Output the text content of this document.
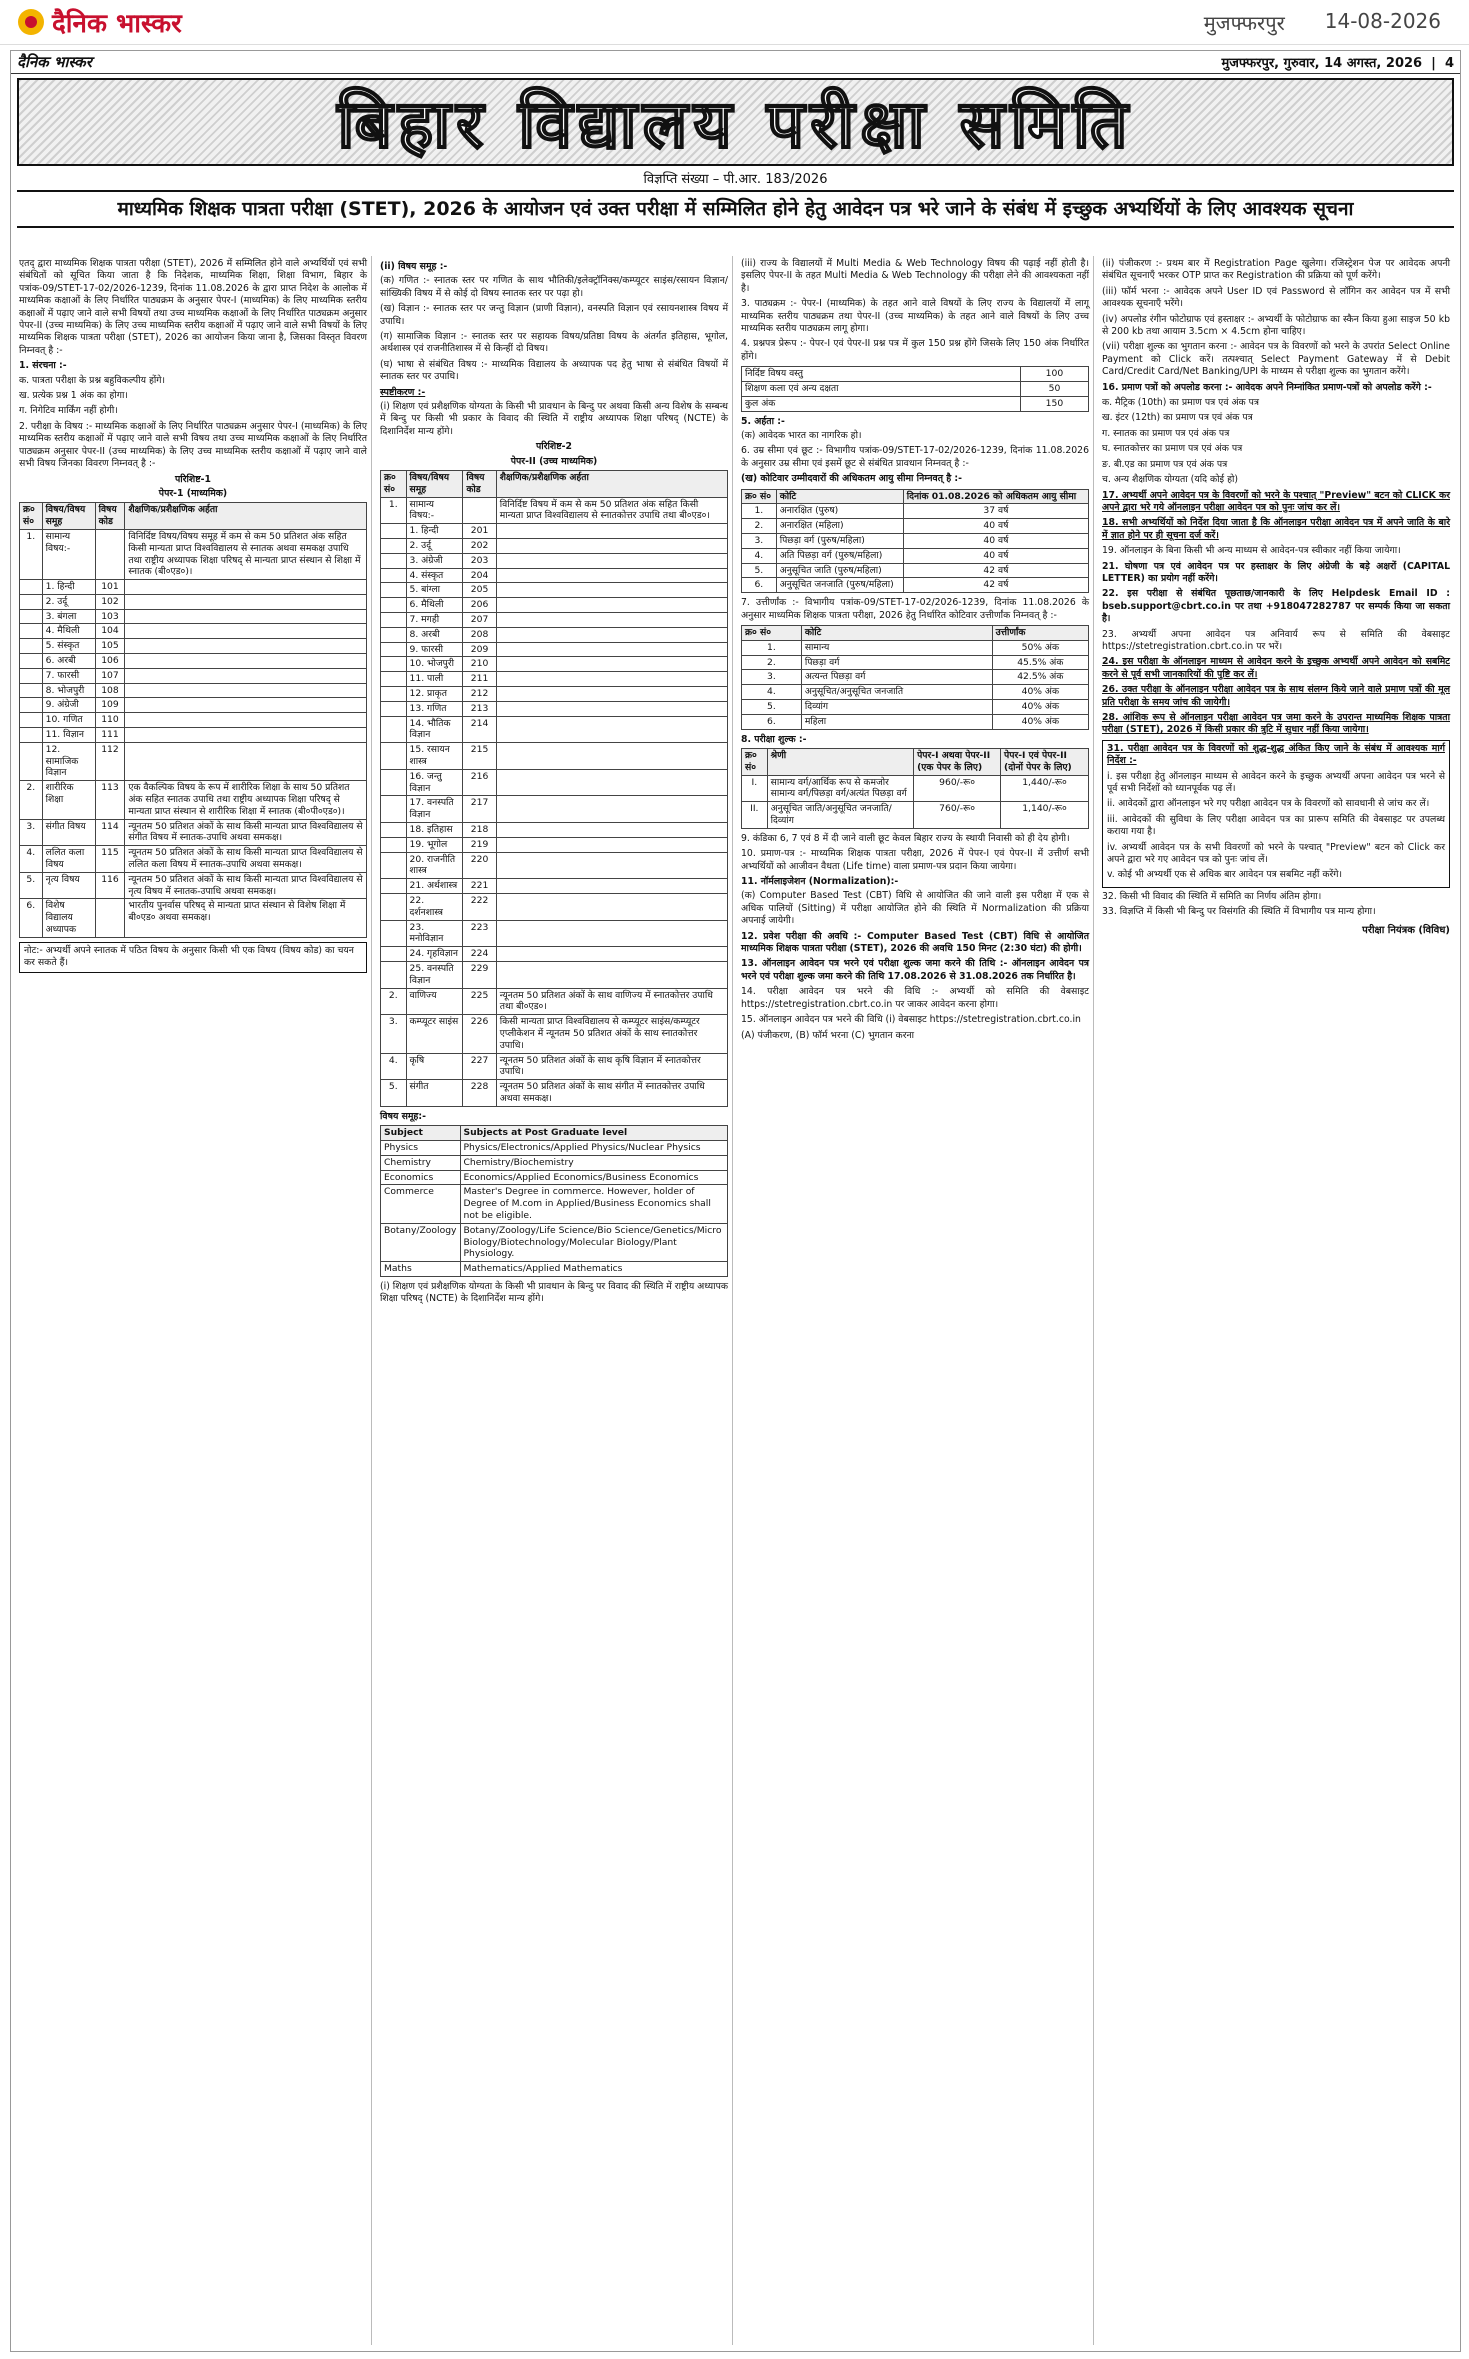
दैनिक भास्कर	मुजफ्फरपुर 14-08-2026
दैनिक भास्कर	मुजफ्फरपुर, गुरुवार, 14 अगस्त, 2026  |  4
बिहार विद्यालय परीक्षा समिति
विज्ञप्ति संख्या – पी.आर. 183/2026
माध्यमिक शिक्षक पात्रता परीक्षा (STET), 2026 के आयोजन एवं उक्त परीक्षा में सम्मिलित होने हेतु आवेदन पत्र भरे जाने के संबंध में इच्छुक अभ्यर्थियों के लिए आवश्यक सूचना

एतद् द्वारा माध्यमिक शिक्षक पात्रता परीक्षा (STET), 2026 में सम्मिलित होने वाले अभ्यर्थियों एवं सभी संबंधितों को सूचित किया जाता है कि निदेशक, माध्यमिक शिक्षा, शिक्षा विभाग, बिहार के पत्रांक-09/STET-17-02/2026-1239, दिनांक 11.08.2026 के द्वारा प्राप्त निदेश के आलोक में माध्यमिक कक्षाओं के लिए निर्धारित पाठ्यक्रम के अनुसार पेपर-I (माध्यमिक) के लिए माध्यमिक स्तरीय कक्षाओं में पढ़ाए जाने वाले सभी विषयों तथा उच्च माध्यमिक कक्षाओं के लिए निर्धारित पाठ्यक्रम अनुसार पेपर-II (उच्च माध्यमिक) के लिए उच्च माध्यमिक स्तरीय कक्षाओं में पढ़ाए जाने वाले सभी विषयों के लिए माध्यमिक शिक्षक पात्रता परीक्षा (STET), 2026 का आयोजन किया जाना है, जिसका विस्तृत विवरण निम्नवत् है :-

1. संरचना :-

क. पात्रता परीक्षा के प्रश्न बहुविकल्पीय होंगे।

ख. प्रत्येक प्रश्न 1 अंक का होगा।

ग. निगेटिव मार्किंग नहीं होगी।

2. परीक्षा के विषय :- माध्यमिक कक्षाओं के लिए निर्धारित पाठ्यक्रम अनुसार पेपर-I (माध्यमिक) के लिए माध्यमिक स्तरीय कक्षाओं में पढ़ाए जाने वाले सभी विषय तथा उच्च माध्यमिक कक्षाओं के लिए निर्धारित पाठ्यक्रम अनुसार पेपर-II (उच्च माध्यमिक) के लिए उच्च माध्यमिक स्तरीय कक्षाओं में पढ़ाए जाने वाले सभी विषय जिनका विवरण निम्नवत् है :-

परिशिष्ट-1
पेपर-1 (माध्यमिक)
क्र० सं०	विषय/विषय समूह	विषय कोड	शैक्षणिक/प्रशैक्षणिक अर्हता
1.	सामान्य विषय:-		विनिर्दिष्ट विषय/विषय समूह में कम से कम 50 प्रतिशत अंक सहित किसी मान्यता प्राप्त विश्वविद्यालय से स्नातक अथवा समकक्ष उपाधि तथा राष्ट्रीय अध्यापक शिक्षा परिषद् से मान्यता प्राप्त संस्थान से शिक्षा में स्नातक (बी०एड०)।
	1. हिन्दी	101	
	2. उर्दू	102	
	3. बंगला	103	
	4. मैथिली	104	
	5. संस्कृत	105	
	6. अरबी	106	
	7. फारसी	107	
	8. भोजपुरी	108	
	9. अंग्रेजी	109	
	10. गणित	110	
	11. विज्ञान	111	
	12. सामाजिक विज्ञान	112	
2.	शारीरिक शिक्षा	113	एक वैकल्पिक विषय के रूप में शारीरिक शिक्षा के साथ 50 प्रतिशत अंक सहित स्नातक उपाधि तथा राष्ट्रीय अध्यापक शिक्षा परिषद् से मान्यता प्राप्त संस्थान से शारीरिक शिक्षा में स्नातक (बी०पी०एड०)।
3.	संगीत विषय	114	न्यूनतम 50 प्रतिशत अंकों के साथ किसी मान्यता प्राप्त विश्वविद्यालय से संगीत विषय में स्नातक-उपाधि अथवा समकक्ष।
4.	ललित कला विषय	115	न्यूनतम 50 प्रतिशत अंकों के साथ किसी मान्यता प्राप्त विश्वविद्यालय से ललित कला विषय में स्नातक-उपाधि अथवा समकक्ष।
5.	नृत्य विषय	116	न्यूनतम 50 प्रतिशत अंकों के साथ किसी मान्यता प्राप्त विश्वविद्यालय से नृत्य विषय में स्नातक-उपाधि अथवा समकक्ष।
6.	विशेष विद्यालय अध्यापक		भारतीय पुनर्वास परिषद् से मान्यता प्राप्त संस्थान से विशेष शिक्षा में बी०एड० अथवा समकक्ष।
नोट:- अभ्यर्थी अपने स्नातक में पठित विषय के अनुसार किसी भी एक विषय (विषय कोड) का चयन कर सकते हैं।
(ii) विषय समूह :-

(क) गणित :- स्नातक स्तर पर गणित के साथ भौतिकी/इलेक्ट्रॉनिक्स/कम्प्यूटर साइंस/रसायन विज्ञान/सांख्यिकी विषय में से कोई दो विषय स्नातक स्तर पर पढ़ा हो।

(ख) विज्ञान :- स्नातक स्तर पर जन्तु विज्ञान (प्राणी विज्ञान), वनस्पति विज्ञान एवं रसायनशास्त्र विषय में उपाधि।

(ग) सामाजिक विज्ञान :- स्नातक स्तर पर सहायक विषय/प्रतिष्ठा विषय के अंतर्गत इतिहास, भूगोल, अर्थशास्त्र एवं राजनीतिशास्त्र में से किन्हीं दो विषय।

(घ) भाषा से संबंधित विषय :- माध्यमिक विद्यालय के अध्यापक पद हेतु भाषा से संबंधित विषयों में स्नातक स्तर पर उपाधि।

स्पष्टीकरण :-

(i) शिक्षण एवं प्रशैक्षणिक योग्यता के किसी भी प्रावधान के बिन्दु पर अथवा किसी अन्य विशेष के सम्बन्ध में बिन्दु पर किसी भी प्रकार के विवाद की स्थिति में राष्ट्रीय अध्यापक शिक्षा परिषद् (NCTE) के दिशानिर्देश मान्य होंगे।

परिशिष्ट-2
पेपर-II (उच्च माध्यमिक)
क्र० सं०	विषय/विषय समूह	विषय कोड	शैक्षणिक/प्रशैक्षणिक अर्हता
1.	सामान्य विषय:-		विनिर्दिष्ट विषय में कम से कम 50 प्रतिशत अंक सहित किसी मान्यता प्राप्त विश्वविद्यालय से स्नातकोत्तर उपाधि तथा बी०एड०।
	1. हिन्दी	201	
	2. उर्दू	202	
	3. अंग्रेजी	203	
	4. संस्कृत	204	
	5. बांग्ला	205	
	6. मैथिली	206	
	7. मगही	207	
	8. अरबी	208	
	9. फारसी	209	
	10. भोजपुरी	210	
	11. पाली	211	
	12. प्राकृत	212	
	13. गणित	213	
	14. भौतिक विज्ञान	214	
	15. रसायन शास्त्र	215	
	16. जन्तु विज्ञान	216	
	17. वनस्पति विज्ञान	217	
	18. इतिहास	218	
	19. भूगोल	219	
	20. राजनीति शास्त्र	220	
	21. अर्थशास्त्र	221	
	22. दर्शनशास्त्र	222	
	23. मनोविज्ञान	223	
	24. गृहविज्ञान	224	
	25. वनस्पति विज्ञान	229	
2.	वाणिज्य	225	न्यूनतम 50 प्रतिशत अंकों के साथ वाणिज्य में स्नातकोत्तर उपाधि तथा बी०एड०।
3.	कम्प्यूटर साइंस	226	किसी मान्यता प्राप्त विश्वविद्यालय से कम्प्यूटर साइंस/कम्प्यूटर एप्लीकेशन में न्यूनतम 50 प्रतिशत अंकों के साथ स्नातकोत्तर उपाधि।
4.	कृषि	227	न्यूनतम 50 प्रतिशत अंकों के साथ कृषि विज्ञान में स्नातकोत्तर उपाधि।
5.	संगीत	228	न्यूनतम 50 प्रतिशत अंकों के साथ संगीत में स्नातकोत्तर उपाधि अथवा समकक्ष।
विषय समूह:-
Subject	Subjects at Post Graduate level
Physics	Physics/Electronics/Applied Physics/Nuclear Physics
Chemistry	Chemistry/Biochemistry
Economics	Economics/Applied Economics/Business Economics
Commerce	Master's Degree in commerce. However, holder of Degree of M.com in Applied/Business Economics shall not be eligible.
Botany/Zoology	Botany/Zoology/Life Science/Bio Science/Genetics/Micro Biology/Biotechnology/Molecular Biology/Plant Physiology.
Maths	Mathematics/Applied Mathematics

(i) शिक्षण एवं प्रशैक्षणिक योग्यता के किसी भी प्रावधान के बिन्दु पर विवाद की स्थिति में राष्ट्रीय अध्यापक शिक्षा परिषद् (NCTE) के दिशानिर्देश मान्य होंगे।

(iii) राज्य के विद्यालयों में Multi Media & Web Technology विषय की पढ़ाई नहीं होती है। इसलिए पेपर-II के तहत Multi Media & Web Technology की परीक्षा लेने की आवश्यकता नहीं है।

3. पाठ्यक्रम :- पेपर-I (माध्यमिक) के तहत आने वाले विषयों के लिए राज्य के विद्यालयों में लागू माध्यमिक स्तरीय पाठ्यक्रम तथा पेपर-II (उच्च माध्यमिक) के तहत आने वाले विषयों के लिए उच्च माध्यमिक स्तरीय पाठ्यक्रम लागू होगा।

4. प्रश्नपत्र प्रेरूप :- पेपर-I एवं पेपर-II प्रश्न पत्र में कुल 150 प्रश्न होंगे जिसके लिए 150 अंक निर्धारित होंगे।

निर्दिष्ट विषय वस्तु	100
शिक्षण कला एवं अन्य दक्षता	50
कुल अंक	150
5. अर्हता :-

(क) आवेदक भारत का नागरिक हो।

6. उम्र सीमा एवं छूट :- विभागीय पत्रांक-09/STET-17-02/2026-1239, दिनांक 11.08.2026 के अनुसार उम्र सीमा एवं इसमें छूट से संबंधित प्रावधान निम्नवत् है :-

(ख) कोटिवार उम्मीदवारों की अधिकतम आयु सीमा निम्नवत् है :-

क्र० सं०	कोटि	दिनांक 01.08.2026 को अधिकतम आयु सीमा
1.	अनारक्षित (पुरुष)	37 वर्ष
2.	अनारक्षित (महिला)	40 वर्ष
3.	पिछड़ा वर्ग (पुरुष/महिला)	40 वर्ष
4.	अति पिछड़ा वर्ग (पुरुष/महिला)	40 वर्ष
5.	अनुसूचित जाति (पुरुष/महिला)	42 वर्ष
6.	अनुसूचित जनजाति (पुरुष/महिला)	42 वर्ष

7. उत्तीर्णांक :- विभागीय पत्रांक-09/STET-17-02/2026-1239, दिनांक 11.08.2026 के अनुसार माध्यमिक शिक्षक पात्रता परीक्षा, 2026 हेतु निर्धारित कोटिवार उत्तीर्णांक निम्नवत् है :-

क्र० सं०	कोटि	उत्तीर्णांक
1.	सामान्य	50% अंक
2.	पिछड़ा वर्ग	45.5% अंक
3.	अत्यन्त पिछड़ा वर्ग	42.5% अंक
4.	अनुसूचित/अनुसूचित जनजाति	40% अंक
5.	दिव्यांग	40% अंक
6.	महिला	40% अंक
8. परीक्षा शुल्क :-
क्र० सं०	श्रेणी	पेपर-I अथवा पेपर-II (एक पेपर के लिए)	पेपर-I एवं पेपर-II (दोनों पेपर के लिए)
I.	सामान्य वर्ग/आर्थिक रूप से कमजोर सामान्य वर्ग/पिछड़ा वर्ग/अत्यंत पिछड़ा वर्ग	960/-रू०	1,440/-रू०
II.	अनुसूचित जाति/अनुसूचित जनजाति/दिव्यांग	760/-रू०	1,140/-रू०

9. कंडिका 6, 7 एवं 8 में दी जाने वाली छूट केवल बिहार राज्य के स्थायी निवासी को ही देय होगी।

10. प्रमाण-पत्र :- माध्यमिक शिक्षक पात्रता परीक्षा, 2026 में पेपर-I एवं पेपर-II में उत्तीर्ण सभी अभ्यर्थियों को आजीवन वैधता (Life time) वाला प्रमाण-पत्र प्रदान किया जायेगा।

11. नॉर्मलाइजेशन (Normalization):-

(क) Computer Based Test (CBT) विधि से आयोजित की जाने वाली इस परीक्षा में एक से अधिक पालियों (Sitting) में परीक्षा आयोजित होने की स्थिति में Normalization की प्रक्रिया अपनाई जायेगी।

12. प्रवेश परीक्षा की अवधि :- Computer Based Test (CBT) विधि से आयोजित माध्यमिक शिक्षक पात्रता परीक्षा (STET), 2026 की अवधि 150 मिनट (2:30 घंटा) की होगी।

13. ऑनलाइन आवेदन पत्र भरने एवं परीक्षा शुल्क जमा करने की तिथि :- ऑनलाइन आवेदन पत्र भरने एवं परीक्षा शुल्क जमा करने की तिथि 17.08.2026 से 31.08.2026 तक निर्धारित है।

14. परीक्षा आवेदन पत्र भरने की विधि :- अभ्यर्थी को समिति की वेबसाइट https://stetregistration.cbrt.co.in पर जाकर आवेदन करना होगा।

15. ऑनलाइन आवेदन पत्र भरने की विधि (i) वेबसाइट https://stetregistration.cbrt.co.in

(A) पंजीकरण, (B) फॉर्म भरना (C) भुगतान करना

(ii) पंजीकरण :- प्रथम बार में Registration Page खुलेगा। रजिस्ट्रेशन पेज पर आवेदक अपनी संबंधित सूचनाएँ भरकर OTP प्राप्त कर Registration की प्रक्रिया को पूर्ण करेंगे।

(iii) फॉर्म भरना :- आवेदक अपने User ID एवं Password से लॉगिन कर आवेदन पत्र में सभी आवश्यक सूचनाएँ भरेंगे।

(iv) अपलोड रंगीन फोटोग्राफ एवं हस्ताक्षर :- अभ्यर्थी के फोटोग्राफ का स्कैन किया हुआ साइज 50 kb से 200 kb तथा आयाम 3.5cm × 4.5cm होना चाहिए।

(vii) परीक्षा शुल्क का भुगतान करना :- आवेदन पत्र के विवरणों को भरने के उपरांत Select Online Payment को Click करें। तत्पश्चात् Select Payment Gateway में से Debit Card/Credit Card/Net Banking/UPI के माध्यम से परीक्षा शुल्क का भुगतान करेंगे।

16. प्रमाण पत्रों को अपलोड करना :- आवेदक अपने निम्नांकित प्रमाण-पत्रों को अपलोड करेंगे :-

क. मैट्रिक (10th) का प्रमाण पत्र एवं अंक पत्र

ख. इंटर (12th) का प्रमाण पत्र एवं अंक पत्र

ग. स्नातक का प्रमाण पत्र एवं अंक पत्र

घ. स्नातकोत्तर का प्रमाण पत्र एवं अंक पत्र

ङ. बी.एड का प्रमाण पत्र एवं अंक पत्र

च. अन्य शैक्षणिक योग्यता (यदि कोई हो)

17. अभ्यर्थी अपने आवेदन पत्र के विवरणों को भरने के पश्चात् "Preview" बटन को CLICK कर अपने द्वारा भरे गये ऑनलाइन परीक्षा आवेदन पत्र को पुनः जांच कर लें।

18. सभी अभ्यर्थियों को निर्देश दिया जाता है कि ऑनलाइन परीक्षा आवेदन पत्र में अपने जाति के बारे में ज्ञात होने पर ही सूचना दर्ज करें।

19. ऑनलाइन के बिना किसी भी अन्य माध्यम से आवेदन-पत्र स्वीकार नहीं किया जायेगा।

21. घोषणा पत्र एवं आवेदन पत्र पर हस्ताक्षर के लिए अंग्रेजी के बड़े अक्षरों (CAPITAL LETTER) का प्रयोग नहीं करेंगे।

22. इस परीक्षा से संबंधित पूछताछ/जानकारी के लिए Helpdesk Email ID : bseb.support@cbrt.co.in पर तथा +918047282787 पर सम्पर्क किया जा सकता है।

23. अभ्यर्थी अपना आवेदन पत्र अनिवार्य रूप से समिति की वेबसाइट https://stetregistration.cbrt.co.in पर भरें।

24. इस परीक्षा के ऑनलाइन माध्यम से आवेदन करने के इच्छुक अभ्यर्थी अपने आवेदन को सबमिट करने से पूर्व सभी जानकारियों की पुष्टि कर लें।

26. उक्त परीक्षा के ऑनलाइन परीक्षा आवेदन पत्र के साथ संलग्न किये जाने वाले प्रमाण पत्रों की मूल प्रति परीक्षा के समय जांच की जायेगी।

28. आंशिक रूप से ऑनलाइन परीक्षा आवेदन पत्र जमा करने के उपरान्त माध्यमिक शिक्षक पात्रता परीक्षा (STET), 2026 में किसी प्रकार की त्रुटि में सुधार नहीं किया जायेगा।

31. परीक्षा आवेदन पत्र के विवरणों को शुद्ध-शुद्ध अंकित किए जाने के संबंध में आवश्यक मार्ग निर्देश :-

i. इस परीक्षा हेतु ऑनलाइन माध्यम से आवेदन करने के इच्छुक अभ्यर्थी अपना आवेदन पत्र भरने से पूर्व सभी निर्देशों को ध्यानपूर्वक पढ़ लें।

ii. आवेदकों द्वारा ऑनलाइन भरे गए परीक्षा आवेदन पत्र के विवरणों को सावधानी से जांच कर लें।

iii. आवेदकों की सुविधा के लिए परीक्षा आवेदन पत्र का प्रारूप समिति की वेबसाइट पर उपलब्ध कराया गया है।

iv. अभ्यर्थी आवेदन पत्र के सभी विवरणों को भरने के पश्चात् "Preview" बटन को Click कर अपने द्वारा भरे गए आवेदन पत्र को पुनः जांच लें।

v. कोई भी अभ्यर्थी एक से अधिक बार आवेदन पत्र सबमिट नहीं करेंगे।

32. किसी भी विवाद की स्थिति में समिति का निर्णय अंतिम होगा।

33. विज्ञप्ति में किसी भी बिन्दु पर विसंगति की स्थिति में विभागीय पत्र मान्य होगा।

परीक्षा नियंत्रक (विविध)
